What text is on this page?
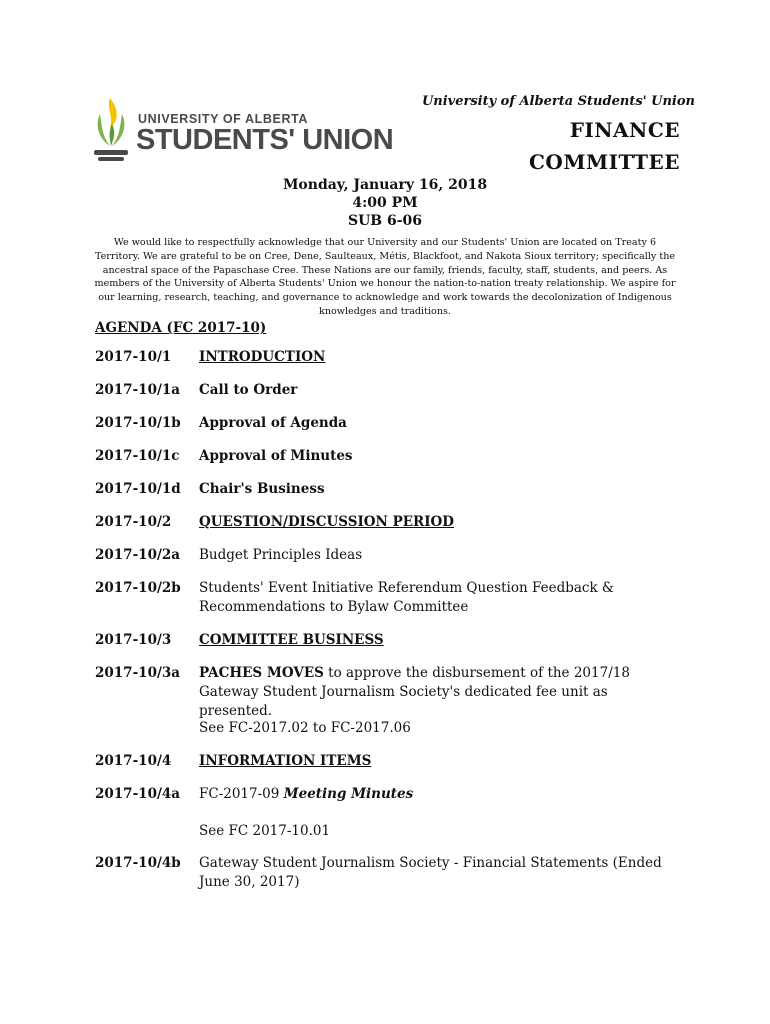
UNIVERSITY OF ALBERTA
STUDENTS' UNION
University of Alberta Students' Union
FINANCE
COMMITTEE
Monday, January 16, 2018
4:00 PM
SUB 6-06
We would like to respectfully acknowledge that our University and our Students' Union are located on Treaty 6 Territory. We are grateful to be on Cree, Dene, Saulteaux, Métis, Blackfoot, and Nakota Sioux territory; specifically the ancestral space of the Papaschase Cree. These Nations are our family, friends, faculty, staff, students, and peers. As members of the University of Alberta Students' Union we honour the nation-to-nation treaty relationship. We aspire for our learning, research, teaching, and governance to acknowledge and work towards the decolonization of Indigenous knowledges and traditions.
AGENDA (FC 2017-10)
2017-10/1 INTRODUCTION
2017-10/1a Call to Order
2017-10/1b Approval of Agenda
2017-10/1c Approval of Minutes
2017-10/1d Chair's Business
2017-10/2 QUESTION/DISCUSSION PERIOD
2017-10/2a Budget Principles Ideas
2017-10/2b Students' Event Initiative Referendum Question Feedback & Recommendations to Bylaw Committee
2017-10/3 COMMITTEE BUSINESS
2017-10/3a PACHES MOVES to approve the disbursement of the 2017/18 Gateway Student Journalism Society's dedicated fee unit as presented.
See FC-2017.02 to FC-2017.06
2017-10/4 INFORMATION ITEMS
2017-10/4a FC-2017-09 Meeting Minutes
See FC 2017-10.01
2017-10/4b Gateway Student Journalism Society - Financial Statements (Ended June 30, 2017)
